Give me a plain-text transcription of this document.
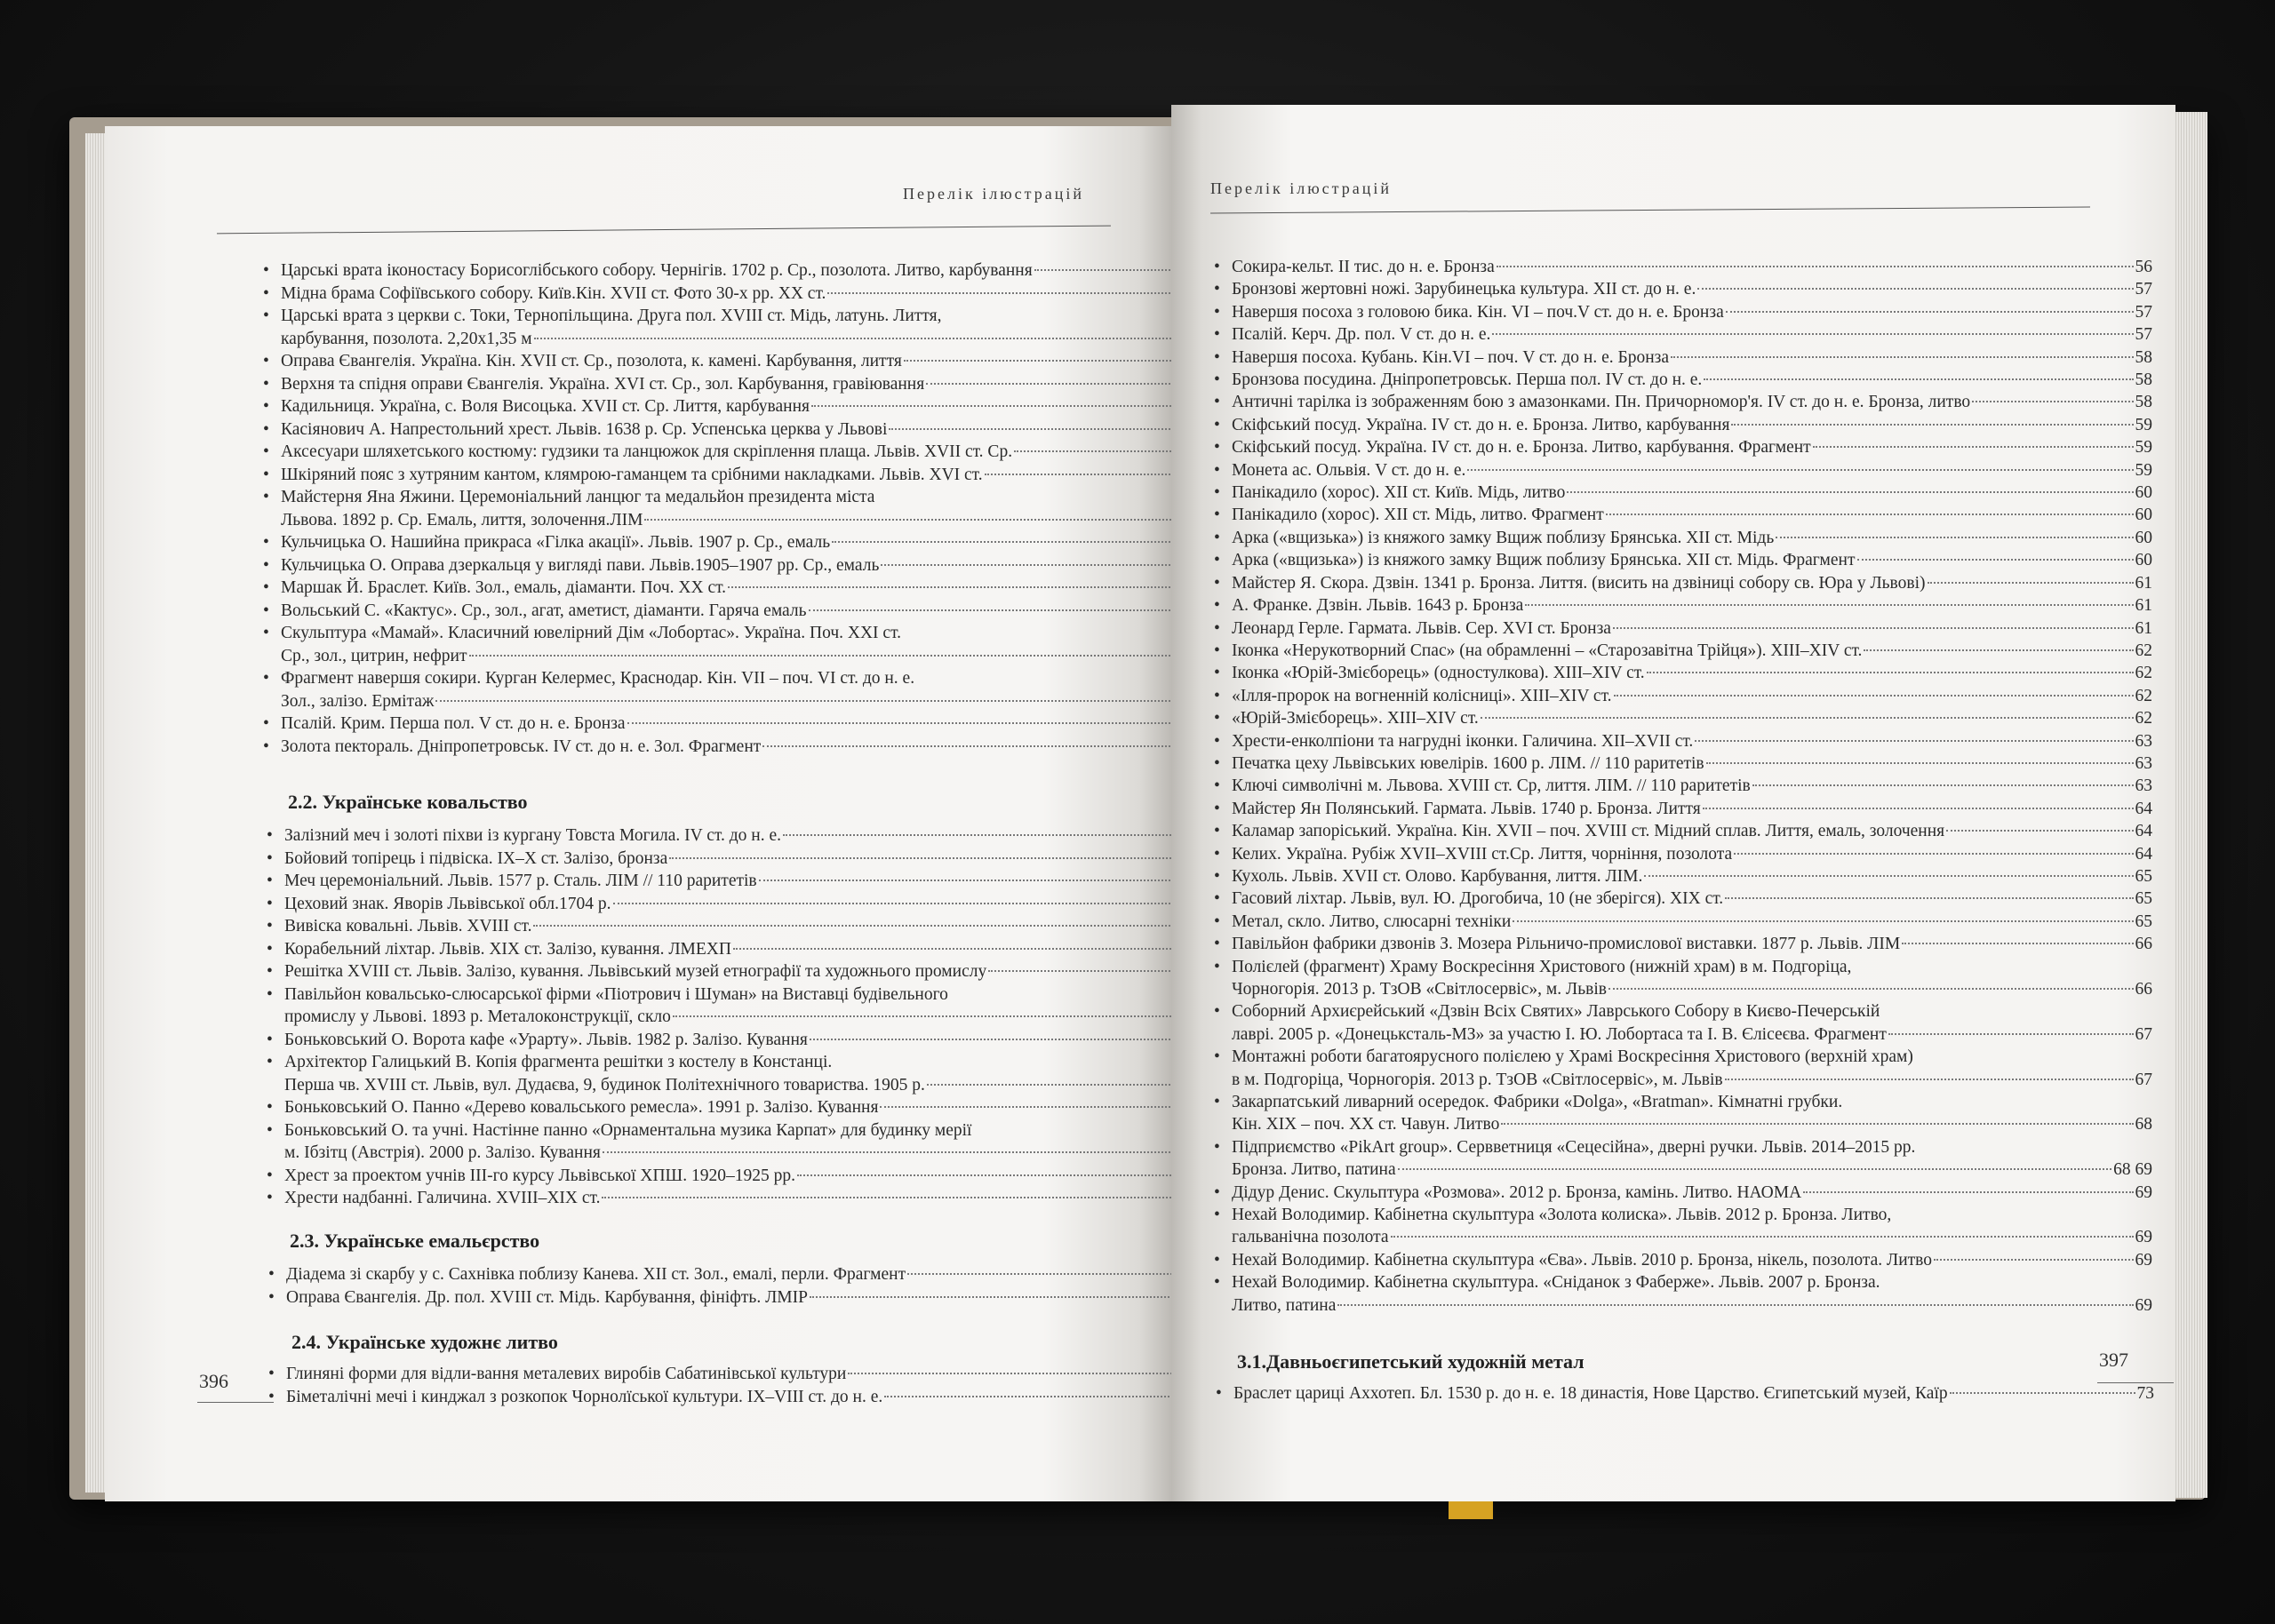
Перелік ілюстрацій
• Царські врата іконостасу Борисоглібського собору. Чернігів. 1702 р. Ср., позолота. Литво, карбування
• Мідна брама Софіївського собору. Київ.Кін. XVII ст. Фото 30-х рр. XX ст.
• Царські врата з церкви с. Токи, Тернопільщина. Друга пол. XVIII ст. Мідь, латунь. Лиття,
карбування, позолота. 2,20х1,35 м
• Оправа Євангелія. Україна. Кін. XVII ст. Ср., позолота, к. камені. Карбування, лиття
• Верхня та спідня оправи Євангелія. Україна. XVI ст. Ср., зол. Карбування, гравіювання
• Кадильниця. Україна, с. Воля Висоцька. XVII ст. Ср. Лиття, карбування
• Касіянович А. Напрестольний хрест. Львів. 1638 р. Ср. Успенська церква у Львові
• Аксесуари шляхетського костюму: гудзики та ланцюжок для скріплення плаща. Львів. XVII ст. Ср.
• Шкіряний пояс з хутряним кантом, клямрою-гаманцем та срібними накладками. Львів. XVI ст.
• Майстерня Яна Яжини. Церемоніальний ланцюг та медальйон президента міста
Львова. 1892 р. Ср. Емаль, лиття, золочення.ЛІМ
• Кульчицька О. Нашийна прикраса «Гілка акації». Львів. 1907 р. Ср., емаль
• Кульчицька О. Оправа дзеркальця у вигляді пави. Львів.1905–1907 рр. Ср., емаль
• Маршак Й. Браслет. Київ. Зол., емаль, діаманти. Поч. XX ст.
• Вольський С. «Кактус». Ср., зол., агат, аметист, діаманти. Гаряча емаль
• Скульптура «Мамай». Класичний ювелірний Дім «Лобортас». Україна. Поч. XXI ст.
Ср., зол., цитрин, нефрит
• Фрагмент навершя сокири. Курган Келермес, Краснодар. Кін. VII – поч. VI ст. до н. е.
Зол., залізо. Ермітаж
• Псалій. Крим. Перша пол. V ст. до н. е. Бронза
• Золота пектораль. Дніпропетровськ. IV ст. до н. е. Зол. Фрагмент
2.2. Українське ковальство
• Залізний меч і золоті піхви із кургану Товста Могила. IV ст. до н. е.
• Бойовий топірець і підвіска. IX–X ст. Залізо, бронза
• Меч церемоніальний. Львів. 1577 р. Сталь. ЛІМ // 110 раритетів
• Цеховий знак. Яворів Львівської обл.1704 р.
• Вивіска ковальні. Львів. XVIII ст.
• Корабельний ліхтар. Львів. XIX ст. Залізо, кування. ЛМЕХП
• Решітка XVIII ст. Львів. Залізо, кування. Львівський музей етнографії та художнього промислу
• Павільйон ковальсько-слюсарської фірми «Піотрович і Шуман» на Виставці будівельного
промислу у Львові. 1893 р. Металоконструкції, скло
• Боньковський О. Ворота кафе «Урарту». Львів. 1982 р. Залізо. Кування
• Архітектор Галицький В. Копія фрагмента решітки з костелу в Констанці.
Перша чв. XVIII ст. Львів, вул. Дудаєва, 9, будинок Політехнічного товариства. 1905 р.
• Боньковський О. Панно «Дерево ковальського ремесла». 1991 р. Залізо. Кування
• Боньковський О. та учні. Настінне панно «Орнаментальна музика Карпат» для будинку мерії
м. Ібзітц (Австрія). 2000 р. Залізо. Кування
• Хрест за проектом учнів III-го курсу Львівської ХПШ. 1920–1925 рр.
• Хрести надбанні. Галичина. XVIII–XIX ст.
2.3. Українське емальєрство
• Діадема зі скарбу у с. Сахнівка поблизу Канева. XII ст. Зол., емалі, перли. Фрагмент
• Оправа Євангелія. Др. пол. XVIII ст. Мідь. Карбування, фініфть. ЛМІР
2.4. Українське художнє литво
• Глиняні форми для відли-вання металевих виробів Сабатинівської культури
• Біметалічні мечі і кинджал з розкопок Чорнолїської культури. IX–VIII ст. до н. е.
396
Перелік ілюстрацій
• Сокира-кельт. II тис. до н. е. Бронза	56
• Бронзові жертовні ножі. Зарубинецька культура. XII ст. до н. е.	57
• Навершя посоха з головою бика. Кін. VI – поч.V ст. до н. е. Бронза	57
• Псалій. Керч. Др. пол. V ст. до н. е.	57
• Навершя посоха. Кубань. Кін.VI – поч. V ст. до н. е. Бронза	58
• Бронзова посудина. Дніпропетровськ. Перша пол. IV ст. до н. е.	58
• Античні тарілка із зображенням бою з амазонками. Пн. Причорномор'я. IV ст. до н. е. Бронза, литво	58
• Скіфський посуд. Україна. IV ст. до н. е. Бронза. Литво, карбування	59
• Скіфський посуд. Україна. IV ст. до н. е. Бронза. Литво, карбування. Фрагмент	59
• Монета ас. Ольвія. V ст. до н. е.	59
• Панікадило (хорос). XII ст. Київ. Мідь, литво	60
• Панікадило (хорос). XII ст. Мідь, литво. Фрагмент	60
• Арка («вщизька») із княжого замку Вщиж поблизу Брянська. XII ст. Мідь	60
• Арка («вщизька») із княжого замку Вщиж поблизу Брянська. XII ст. Мідь. Фрагмент	60
• Майстер Я. Скора. Дзвін. 1341 р. Бронза. Лиття. (висить на дзвіниці собору св. Юра у Львові)	61
• А. Франке. Дзвін. Львів. 1643 р. Бронза	61
• Леонард Герле. Гармата. Львів. Сер. XVI ст. Бронза	61
• Іконка «Нерукотворний Спас» (на обрамленні – «Старозавітна Трійця»). XIII–XIV ст.	62
• Іконка «Юрій-Змієборець» (одностулкова). XIII–XIV ст.	62
• «Ілля-пророк на вогненній колісниці». XIII–XIV ст.	62
• «Юрій-Змієборець». XIII–XIV ст.	62
• Хрести-енколпіони та нагрудні іконки. Галичина. XII–XVII ст.	63
• Печатка цеху Львівських ювелірів. 1600 р. ЛІМ. // 110 раритетів	63
• Ключі символічні м. Львова. XVIII ст. Ср, лиття. ЛІМ. // 110 раритетів	63
• Майстер Ян Полянський. Гармата. Львів. 1740 р. Бронза. Лиття	64
• Каламар запоріський. Україна. Кін. XVII – поч. XVIII ст. Мідний сплав. Лиття, емаль, золочення	64
• Келих. Україна. Рубіж XVII–XVIII ст.Ср. Лиття, чорніння, позолота	64
• Кухоль. Львів. XVII ст. Олово. Карбування, лиття. ЛІМ.	65
• Гасовий ліхтар. Львів, вул. Ю. Дрогобича, 10 (не зберігся). XIX ст.	65
• Метал, скло. Литво, слюсарні техніки	65
• Павільйон фабрики дзвонів З. Мозера Рільничо-промислової виставки. 1877 р. Львів. ЛІМ	66
• Полієлей (фрагмент) Храму Воскресіння Христового (нижній храм) в м. Подгоріца,
Чорногорія. 2013 р. ТзОВ «Світлосервіс», м. Львів	66
• Соборний Архиєрейський «Дзвін Всіх Святих» Лаврського Собору в Києво-Печерській
лаврі. 2005 р. «Донецьксталь-МЗ» за участю І. Ю. Лобортаса та І. В. Єлісеєва. Фрагмент	67
• Монтажні роботи багатоярусного полієлею у Храмі Воскресіння Христового (верхній храм)
в м. Подгоріца, Чорногорія. 2013 р. ТзОВ «Світлосервіс», м. Львів	67
• Закарпатський ливарний осередок. Фабрики «Dolga», «Bratman». Кімнатні грубки.
Кін. XIX – поч. XX ст. Чавун. Литво	68
• Підприємство «PikArt group». Сервветниця «Сецесійна», дверні ручки. Львів. 2014–2015 рр.
Бронза. Литво, патина	68 69
• Дідур Денис. Скульптура «Розмова». 2012 р. Бронза, камінь. Литво. НАОМА	69
• Нехай Володимир. Кабінетна скульптура «Золота колиска». Львів. 2012 р. Бронза. Литво,
гальванічна позолота	69
• Нехай Володимир. Кабінетна скульптура «Єва». Львів. 2010 р. Бронза, нікель, позолота. Литво	69
• Нехай Володимир. Кабінетна скульптура. «Сніданок з Фаберже». Львів. 2007 р. Бронза.
Литво, патина	69
3.1.Давньоєгипетський художній метал
• Браслет цариці Аххотеп. Бл. 1530 р. до н. е. 18 династія, Нове Царство. Єгипетський музей, Каїр	73
397
